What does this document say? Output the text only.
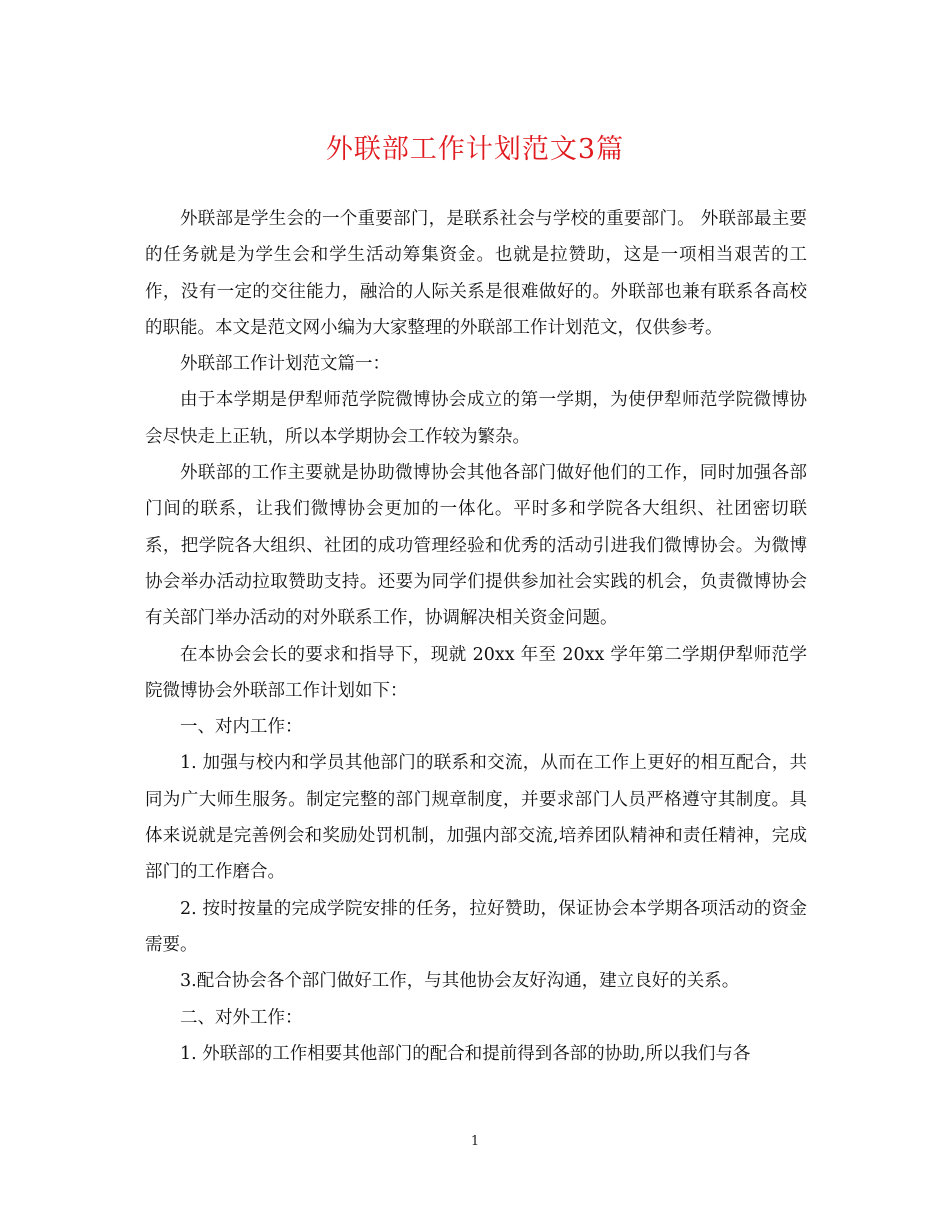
外联部工作计划范文3篇

外联部是学生会的一个重要部门，是联系社会与学校的重要部门。 外联部最主要的任务就是为学生会和学生活动筹集资金。也就是拉赞助，这是一项相当艰苦的工作，没有一定的交往能力，融洽的人际关系是很难做好的。外联部也兼有联系各高校的职能。本文是范文网小编为大家整理的外联部工作计划范文，仅供参考。

外联部工作计划范文篇一：

由于本学期是伊犁师范学院微博协会成立的第一学期，为使伊犁师范学院微博协会尽快走上正轨，所以本学期协会工作较为繁杂。

外联部的工作主要就是协助微博协会其他各部门做好他们的工作，同时加强各部门间的联系，让我们微博协会更加的一体化。平时多和学院各大组织、社团密切联系，把学院各大组织、社团的成功管理经验和优秀的活动引进我们微博协会。为微博协会举办活动拉取赞助支持。还要为同学们提供参加社会实践的机会，负责微博协会有关部门举办活动的对外联系工作，协调解决相关资金问题。

在本协会会长的要求和指导下，现就 20xx 年至 20xx 学年第二学期伊犁师范学院微博协会外联部工作计划如下：

一、对内工作：

1. 加强与校内和学员其他部门的联系和交流，从而在工作上更好的相互配合，共同为广大师生服务。制定完整的部门规章制度，并要求部门人员严格遵守其制度。具体来说就是完善例会和奖励处罚机制，加强内部交流,培养团队精神和责任精神，完成部门的工作磨合。

2. 按时按量的完成学院安排的任务，拉好赞助，保证协会本学期各项活动的资金需要。

3.配合协会各个部门做好工作，与其他协会友好沟通，建立良好的关系。

二、对外工作：

1. 外联部的工作相要其他部门的配合和提前得到各部的协助,所以我们与各

1
